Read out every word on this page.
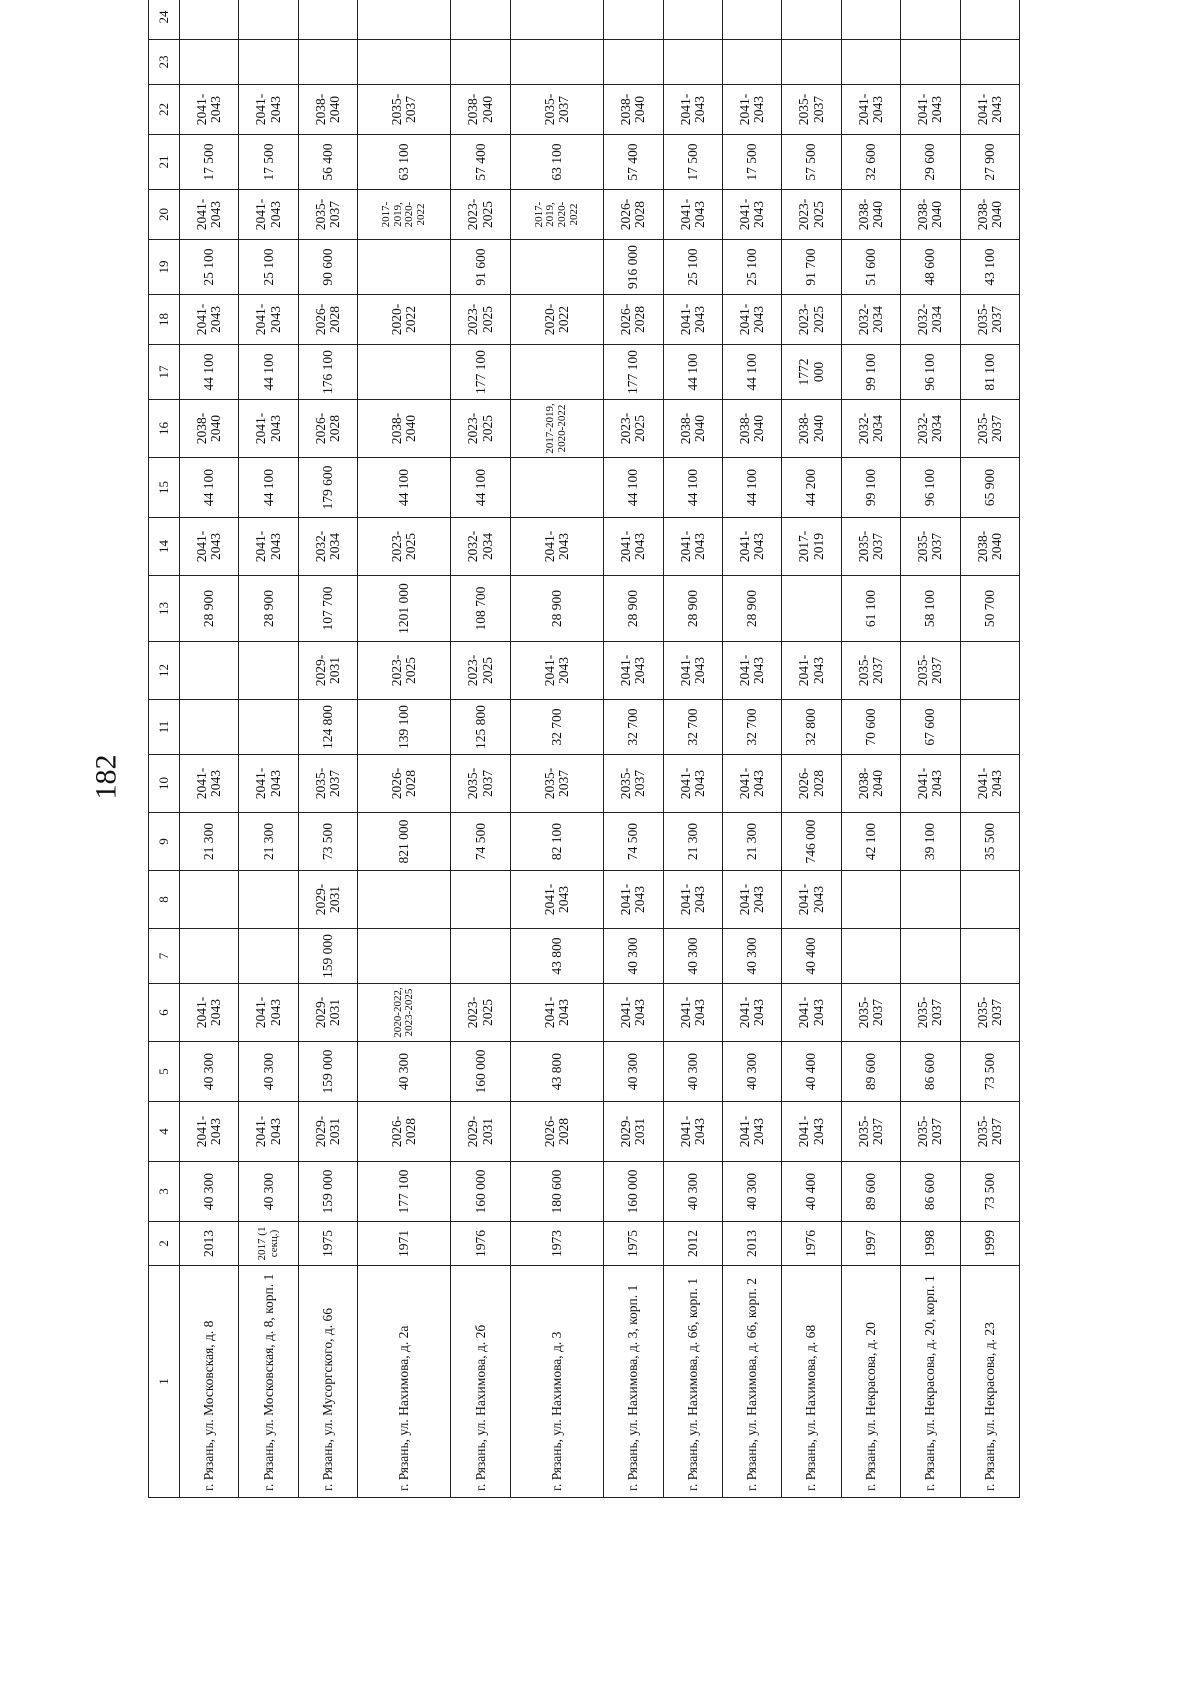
182
1	2	3	4	5	6	7	8	9	10	11	12	13	14	15	16	17	18	19	20	21	22	23	24
г. Рязань, ул. Московская, д. 8	2013	40 300	2041-2043	40 300	2041-2043			21 300	2041-2043			28 900	2041-2043	44 100	2038-2040	44 100	2041-2043	25 100	2041-2043	17 500	2041-2043		
г. Рязань, ул. Московская, д. 8, корп. 1	2017 (1 секц.)	40 300	2041-2043	40 300	2041-2043			21 300	2041-2043			28 900	2041-2043	44 100	2041-2043	44 100	2041-2043	25 100	2041-2043	17 500	2041-2043		
г. Рязань, ул. Мусоргского, д. 66	1975	159 000	2029-2031	159 000	2029-2031	159 000	2029-2031	73 500	2035-2037	124 800	2029-2031	107 700	2032-2034	179 600	2026-2028	176 100	2026-2028	90 600	2035-2037	56 400	2038-2040		
г. Рязань, ул. Нахимова, д. 2а	1971	177 100	2026-2028	40 300	2020-2022, 2023-2025			821 000	2026-2028	139 100	2023-2025	1201 000	2023-2025	44 100	2038-2040		2020-2022		2017-2019, 2020-2022	63 100	2035-2037		
г. Рязань, ул. Нахимова, д. 2б	1976	160 000	2029-2031	160 000	2023-2025			74 500	2035-2037	125 800	2023-2025	108 700	2032-2034	44 100	2023-2025	177 100	2023-2025	91 600	2023-2025	57 400	2038-2040		
г. Рязань, ул. Нахимова, д. 3	1973	180 600	2026-2028	43 800	2041-2043	43 800	2041-2043	82 100	2035-2037	32 700	2041-2043	28 900	2041-2043		2017-2019, 2020-2022		2020-2022		2017-2019, 2020-2022	63 100	2035-2037		
г. Рязань, ул. Нахимова, д. 3, корп. 1	1975	160 000	2029-2031	40 300	2041-2043	40 300	2041-2043	74 500	2035-2037	32 700	2041-2043	28 900	2041-2043	44 100	2023-2025	177 100	2026-2028	916 000	2026-2028	57 400	2038-2040		
г. Рязань, ул. Нахимова, д. 66, корп. 1	2012	40 300	2041-2043	40 300	2041-2043	40 300	2041-2043	21 300	2041-2043	32 700	2041-2043	28 900	2041-2043	44 100	2038-2040	44 100	2041-2043	25 100	2041-2043	17 500	2041-2043		
г. Рязань, ул. Нахимова, д. 66, корп. 2	2013	40 300	2041-2043	40 300	2041-2043	40 300	2041-2043	21 300	2041-2043	32 700	2041-2043	28 900	2041-2043	44 100	2038-2040	44 100	2041-2043	25 100	2041-2043	17 500	2041-2043		
г. Рязань, ул. Нахимова, д. 68	1976	40 400	2041-2043	40 400	2041-2043	40 400	2041-2043	746 000	2026-2028	32 800	2041-2043		2017-2019	44 200	2038-2040	1772 000	2023-2025	91 700	2023-2025	57 500	2035-2037		
г. Рязань, ул. Некрасова, д. 20	1997	89 600	2035-2037	89 600	2035-2037			42 100	2038-2040	70 600	2035-2037	61 100	2035-2037	99 100	2032-2034	99 100	2032-2034	51 600	2038-2040	32 600	2041-2043		
г. Рязань, ул. Некрасова, д. 20, корп. 1	1998	86 600	2035-2037	86 600	2035-2037			39 100	2041-2043	67 600	2035-2037	58 100	2035-2037	96 100	2032-2034	96 100	2032-2034	48 600	2038-2040	29 600	2041-2043		
г. Рязань, ул. Некрасова, д. 23	1999	73 500	2035-2037	73 500	2035-2037			35 500	2041-2043			50 700	2038-2040	65 900	2035-2037	81 100	2035-2037	43 100	2038-2040	27 900	2041-2043		
